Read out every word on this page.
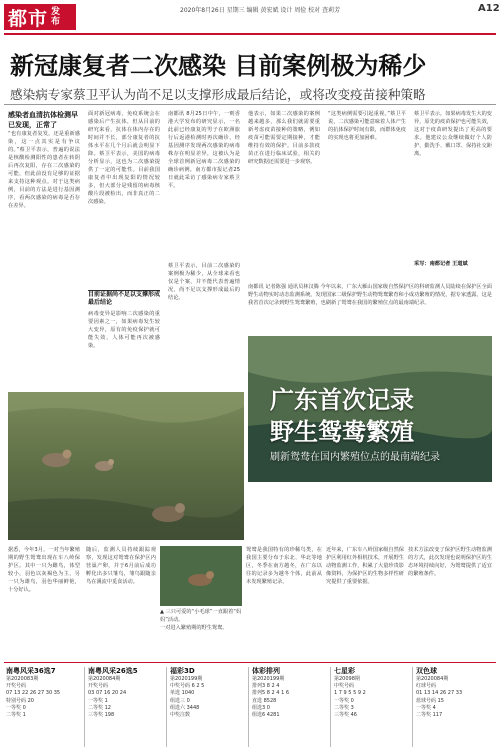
都市 发布
2020年8月26日 星期三 编辑 黄宏斌 设计 周俭 校对 查莉芳	A12
新冠康复者二次感染 目前案例极为稀少
感染病专家蔡卫平认为尚不足以支撑形成最后结论，或将改变疫苗接种策略
感染者血清抗体检测早已发现，正常了
“也有康复者复发，还是重新感染，这一点其实是有争议的。”蔡卫平表示，普遍的说法是核酸检测阳性的患者在转阴后再次复阳，存在二次感染的可能，但此前没有足够的证据来支持这种观点。对于这类病例，目前的方法是进行基因测序，看两次感染的病毒是否存在差异。
面对新冠病毒，免疫系统会在感染后产生抗体，但从目前的研究来看，抗体在体内存在的时间并不长，部分康复者的抗体水平在几个月后就会明显下降。蔡卫平表示，美国的病毒分析显示，这也为二次感染提供了一定的可能性。目前我国康复者中出现复阳的情况较多，但大部分是残留的病毒核酸片段被检出，而非真正的二次感染。
目前证据尚不足以支撑形成最后结论
病毒变异是影响二次感染的重要因素之一，如果病毒发生较大变异，原有的免疫保护就可能失效，人体可能再次被感染。
南都讯 8月25日中午，一则香港大学发布的研究显示，一名此前已经康复的男子在欧洲旅行后返港检测时再次确诊，经基因测序发现两次感染的病毒株存在明显差异，这被认为是全球首例新冠病毒二次感染的确诊病例。南方都市报记者25日就此采访了感染病专家蔡卫平。
蔡卫平表示，目前二次感染的案例极为稀少，从全球来看也仅是个案，并不能代表普遍情况，尚不足以支撑形成最后的结论。
他表示，如果二次感染的案例越来越多，那么我们就需要重新考虑疫苗接种的策略，例如疫苗可能需要定期接种，才能维持有效的保护。目前多款疫苗正在进行临床试验，相关的研究数据还需要进一步观察。
“这类病例需要引起重视。”蔡卫平说，二次感染可能意味着人体产生的抗体保护时间有限，而群体免疫的实现也将更加困难。
蔡卫平表示，如果病毒发生大的变异，原先的疫苗保护也可能失效，这对于疫苗研发提出了更高的要求。他建议公众继续做好个人防护，勤洗手、戴口罩、保持社交距离。
采写：南都记者 王道斌
南都讯 记者陈强 通讯员林汉腾 今年以来，广东大雁山国家级自然保护区的科研监测人员陆续在保护区全面野生动物实时动态监测系统，发现国家二级保护野生动物鸳鸯繁育和小成功繁殖的情况，据专家透露，这是我省首次记录到野生鸳鸯繁殖，也刷新了鸳鸯在我国的繁殖位点的最南端纪录。
广东首次记录
野生鸳鸯繁殖
刷新鸳鸯在国内繁殖位点的最南端纪录
据悉，今年3月，一对当年繁殖期的野生鸳鸯出现在车八岭保护区。其中一只为雌鸟，体型较小，羽色以灰褐色为主，另一只为雄鸟，羽色华丽鲜艳，十分好认。
随后，监测人员持续跟踪观察，发现这对鸳鸯在保护区内营巢产卵，并于6月前后成功孵化出多只雏鸟，雏鸟跟随亲鸟在溪流中觅食活动。
▲ 三只可爱的“小毛球”一直跟着“妈妈”活动。
一对进入繁殖期的野生鸳鸯。
鸳鸯是我国特有的珍稀鸟类，在我国主要分布于东北、华北等地区，冬季在南方越冬，在广东以往的记录多为越冬个体，此前从未发现繁殖记录。
近年来，广东车八岭国家级自然保护区利用红外相机技术，开展野生动物监测工作，积累了大量珍贵影像资料，为保护区的生物多样性研究提供了重要依据。
技术方法改变了保护区野生动物监测的方式，此次发现也说明保护区的生态环境持续向好，为鸳鸯提供了适宜的繁殖条件。
南粤风采36选7
第2020083期
开奖号码
07 13 22 26 27 30 35
特别号码 20
一等奖 0
二等奖 1
南粤风采26选5
第2020084期
开奖号码
03 07 16 20 24
一等奖 1
二等奖 12
三等奖 198
福彩3D
第2020199期
中奖号码 6 2 5
单选 1040
组选三 0
组选六 3448
中奖注数
体彩排列
第2020199期
排列3 8 2 4
排列5 8 2 4 1 6
直选 8528
组选3 0
组选6 4281
七星彩
第20098期
中奖号码
1 7 9 5 5 9 2
一等奖 0
二等奖 3
三等奖 46
双色球
第2020084期
红球号码
01 13 14 26 27 33
蓝球号码 15
一等奖 4
二等奖 117
